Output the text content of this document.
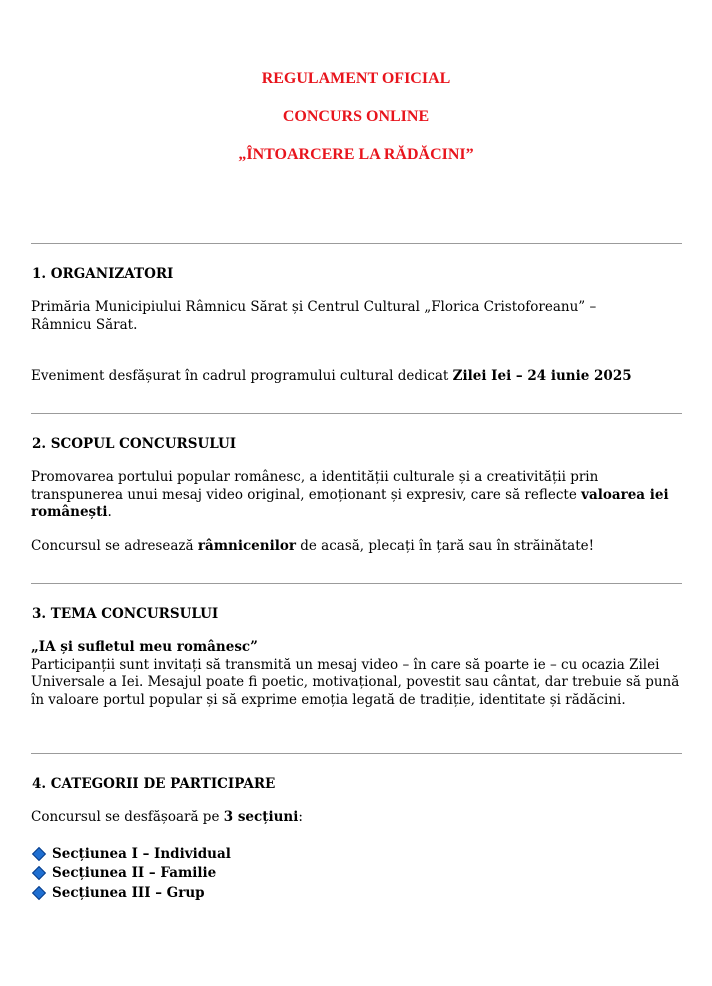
REGULAMENT OFICIAL
CONCURS ONLINE
„ÎNTOARCERE LA RĂDĂCINI”
1. ORGANIZATORI
Primăria Municipiului Râmnicu Sărat și Centrul Cultural „Florica Cristoforeanu” –
Râmnicu Sărat.
Eveniment desfășurat în cadrul programului cultural dedicat Zilei Iei – 24 iunie 2025
2. SCOPUL CONCURSULUI
Promovarea portului popular românesc, a identității culturale și a creativității prin transpunerea unui mesaj video original, emoționant și expresiv, care să reflecte valoarea iei românești.
Concursul se adresează râmnicenilor de acasă, plecați în țară sau în străinătate!
3. TEMA CONCURSULUI
„IA și sufletul meu românesc”
Participanții sunt invitați să transmită un mesaj video – în care să poarte ie – cu ocazia Zilei Universale a Iei. Mesajul poate fi poetic, motivațional, povestit sau cântat, dar trebuie să pună în valoare portul popular și să exprime emoția legată de tradiție, identitate și rădăcini.
4. CATEGORII DE PARTICIPARE
Concursul se desfășoară pe 3 secțiuni:
Secțiunea I – Individual
Secțiunea II – Familie
Secțiunea III – Grup
